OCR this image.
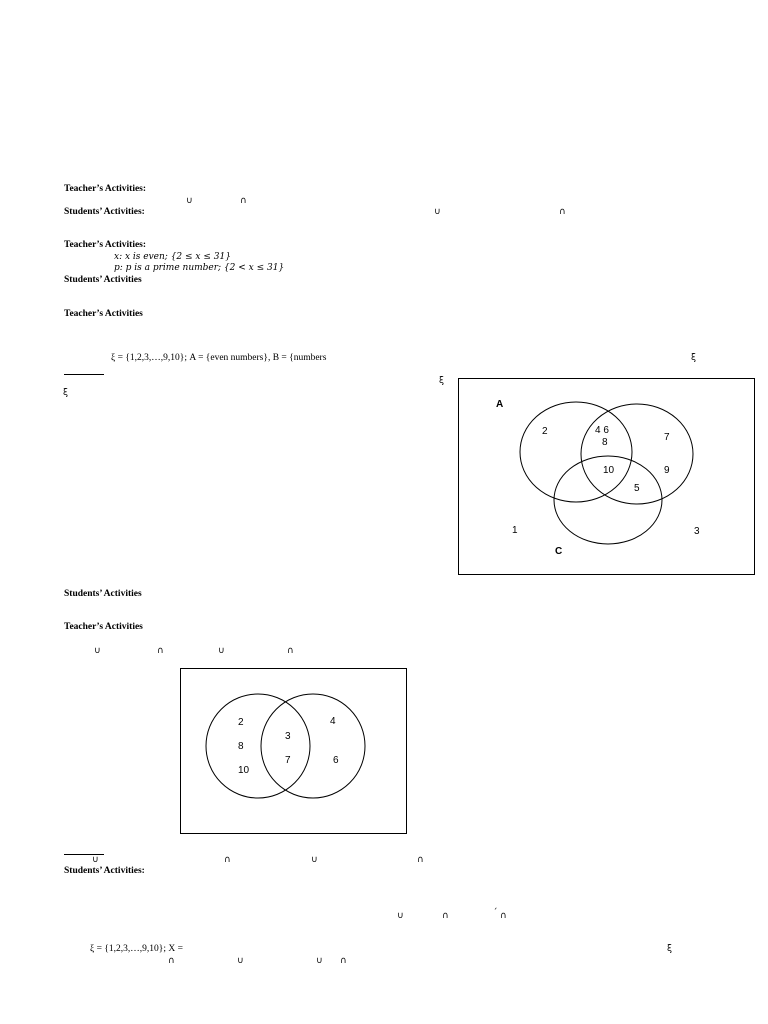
Teacher’s Activities:
∪	∩
Students’ Activities:	∪	∩
Teacher’s Activities:
x: x is even; {2 ≤ x ≤ 31}
p: p is a prime number; {2 < x ≤ 31}
Students’ Activities
Teacher’s Activities
ξ = {1,2,3,…,9,10}; A = {even numbers}, B = {numbers	ξ
ξ
ξ
A
2	4 6
8	7
10	9
5
1	3
C
Students’ Activities
Teacher’s Activities
∪	∩	∪	∩
2
8
10
3
7
4
6
∪	∩	∪	∩
Students’ Activities:
∪	∩	´ ∩
ξ = {1,2,3,…,9,10}; X =	ξ
∩	∪	∪ ∩
